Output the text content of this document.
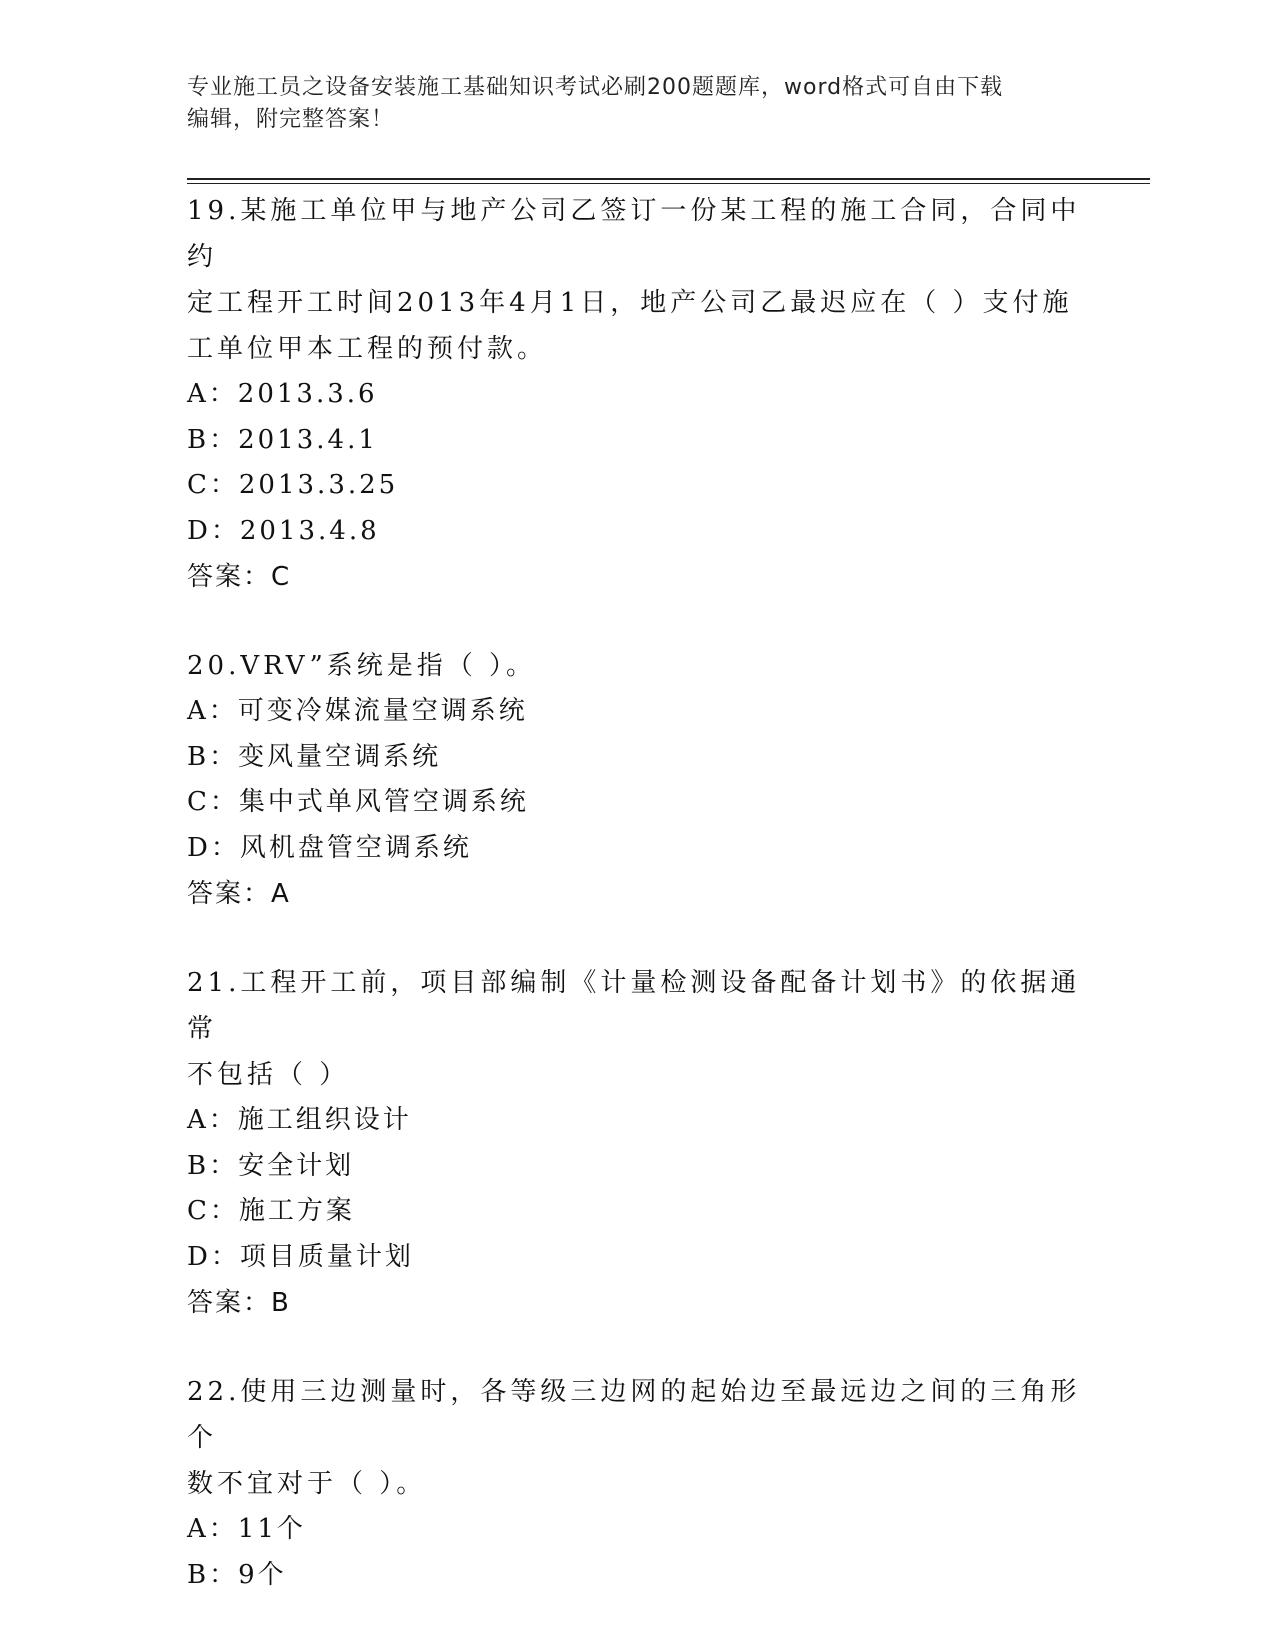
专业施工员之设备安装施工基础知识考试必刷200题题库，word格式可自由下载
编辑，附完整答案！

19.某施工单位甲与地产公司乙签订一份某工程的施工合同，合同中约

定工程开工时间2013年4月1日，地产公司乙最迟应在（ ）支付施

工单位甲本工程的预付款。

A：2013.3.6

B：2013.4.1

C：2013.3.25

D：2013.4.8

答案：C

20.VRV”系统是指（ ）。

A：可变冷媒流量空调系统

B：变风量空调系统

C：集中式单风管空调系统

D：风机盘管空调系统

答案：A

21.工程开工前，项目部编制《计量检测设备配备计划书》的依据通常

不包括（ ）

A：施工组织设计

B：安全计划

C：施工方案

D：项目质量计划

答案：B

22.使用三边测量时，各等级三边网的起始边至最远边之间的三角形个

数不宜对于（ ）。

A：11个

B：9个
